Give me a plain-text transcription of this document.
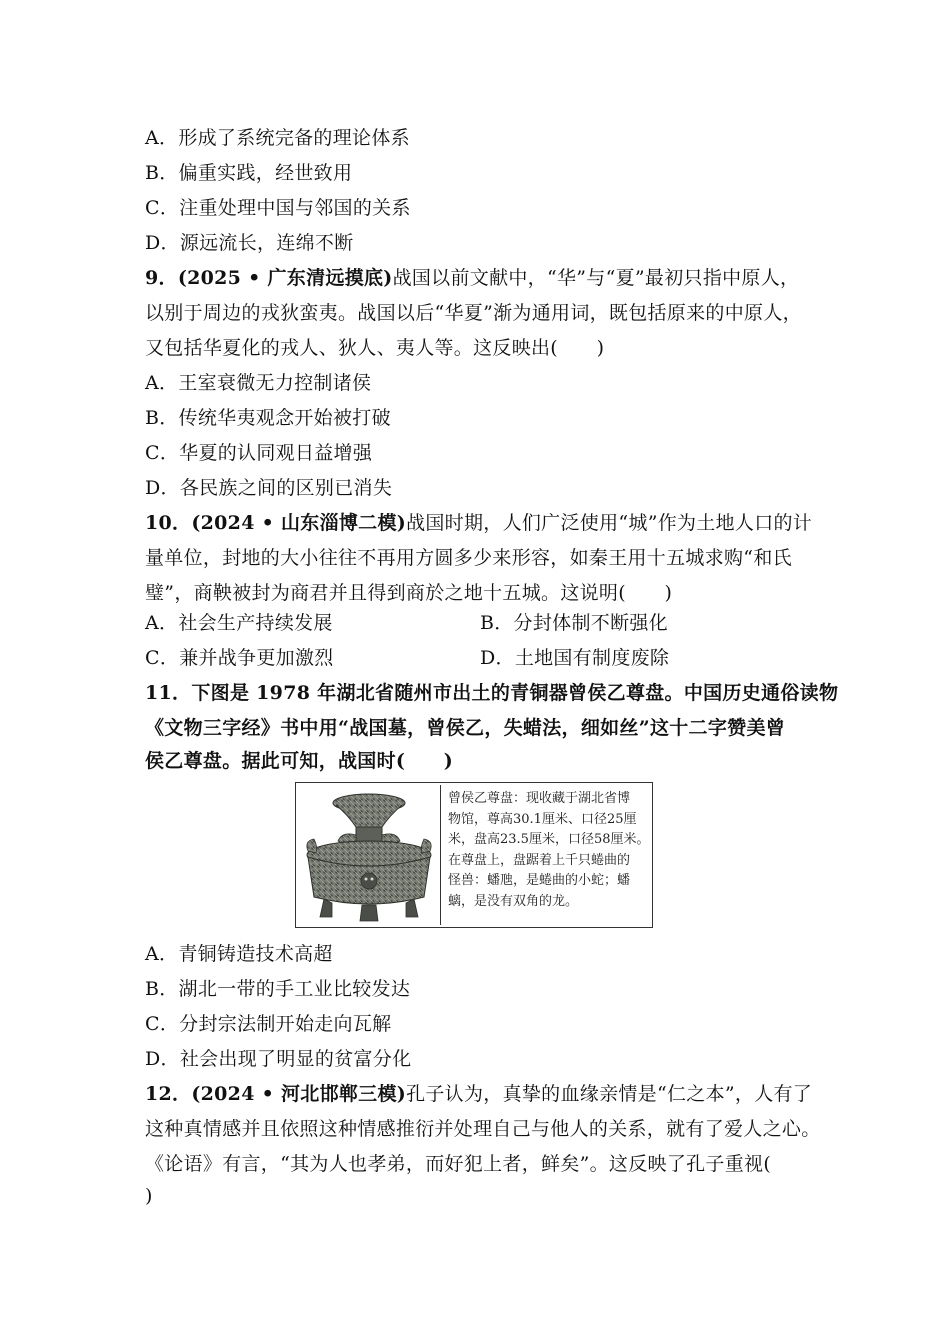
A．形成了系统完备的理论体系
B．偏重实践，经世致用
C．注重处理中国与邻国的关系
D．源远流长，连绵不断
9．(2025 • 广东清远摸底)战国以前文献中，“华”与“夏”最初只指中原人，
以别于周边的戎狄蛮夷。战国以后“华夏”渐为通用词，既包括原来的中原人，
又包括华夏化的戎人、狄人、夷人等。这反映出(　　)
A．王室衰微无力控制诸侯
B．传统华夷观念开始被打破
C．华夏的认同观日益增强
D．各民族之间的区别已消失
10．(2024 • 山东淄博二模)战国时期，人们广泛使用“城”作为土地人口的计
量单位，封地的大小往往不再用方圆多少来形容，如秦王用十五城求购“和氏
璧”，商鞅被封为商君并且得到商於之地十五城。这说明(　　)
A．社会生产持续发展	B．分封体制不断强化
C．兼并战争更加激烈	D．土地国有制度废除
11．下图是 1978 年湖北省随州市出土的青铜器曾侯乙尊盘。中国历史通俗读物
《文物三字经》书中用“战国墓，曾侯乙，失蜡法，细如丝”这十二字赞美曾
侯乙尊盘。据此可知，战国时(　　)
曾侯乙尊盘：现收藏于湖北省博
物馆，尊高30.1厘米、口径25厘
米，盘高23.5厘米，口径58厘米。
在尊盘上，盘踞着上千只蜷曲的
怪兽：蟠虺，是蜷曲的小蛇；蟠
螭，是没有双角的龙。
A．青铜铸造技术高超
B．湖北一带的手工业比较发达
C．分封宗法制开始走向瓦解
D．社会出现了明显的贫富分化
12．(2024 • 河北邯郸三模)孔子认为，真挚的血缘亲情是“仁之本”，人有了
这种真情感并且依照这种情感推衍并处理自己与他人的关系，就有了爱人之心。
《论语》有言，“其为人也孝弟，而好犯上者，鲜矣”。这反映了孔子重视(
)
